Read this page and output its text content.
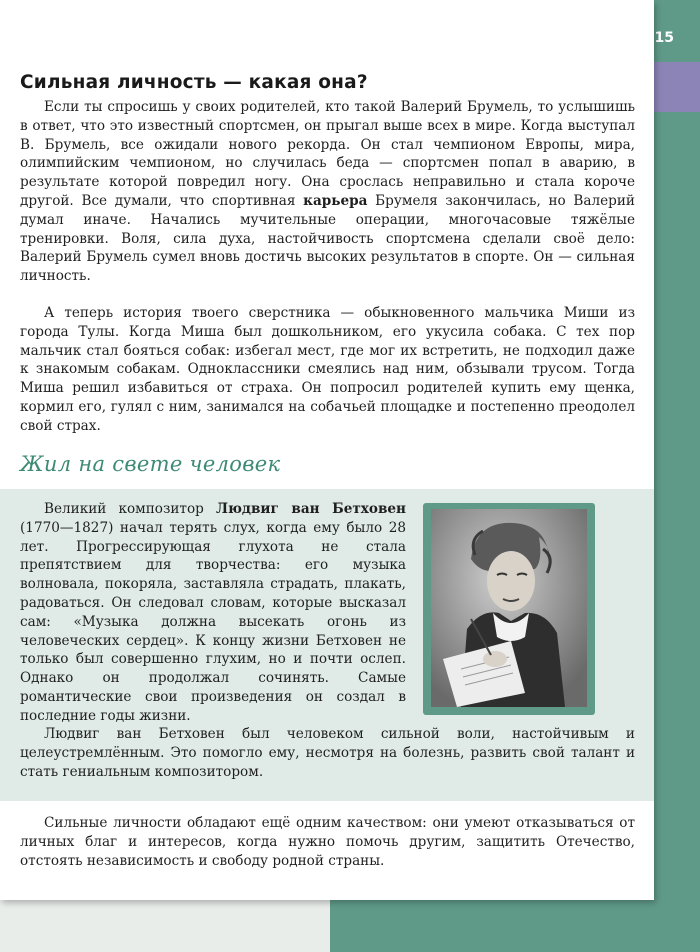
15
Сильная личность — какая она?

Если ты спросишь у своих родителей, кто такой Валерий Брумель, то услышишь в ответ, что это известный спортсмен, он прыгал выше всех в мире. Когда выступал В. Брумель, все ожидали нового рекорда. Он стал чемпионом Европы, мира, олимпийским чемпионом, но случилась беда — спортсмен попал в аварию, в результате которой повредил ногу. Она срослась неправильно и стала короче другой. Все думали, что спортивная карьера Брумеля закончилась, но Валерий думал иначе. Начались мучительные операции, многочасовые тяжёлые тренировки. Воля, сила духа, настойчивость спортсмена сделали своё дело: Валерий Брумель сумел вновь достичь высоких результатов в спорте. Он — сильная личность.

А теперь история твоего сверстника — обыкновенного мальчика Миши из города Тулы. Когда Миша был дошкольником, его укусила собака. С тех пор мальчик стал бояться собак: избегал мест, где мог их встретить, не подходил даже к знакомым собакам. Одноклассники смеялись над ним, обзывали трусом. Тогда Миша решил избавиться от страха. Он попросил родителей купить ему щенка, кормил его, гулял с ним, занимался на собачьей площадке и постепенно преодолел свой страх.

Жил на свете человек

Великий композитор Людвиг ван Бетховен (1770—1827) начал терять слух, когда ему было 28 лет. Прогрессирующая глухота не стала препятствием для творчества: его музыка волновала, покоряла, заставляла страдать, плакать, радоваться. Он следовал словам, которые высказал сам: «Музыка должна высекать огонь из человеческих сердец». К концу жизни Бетховен не только был совершенно глухим, но и почти ослеп. Однако он продолжал сочинять. Самые романтические свои произведения он создал в последние годы жизни.

Людвиг ван Бетховен был человеком сильной воли, настойчивым и целеустремлённым. Это помогло ему, несмотря на болезнь, развить свой талант и стать гениальным композитором.

Сильные личности обладают ещё одним качеством: они умеют отказываться от личных благ и интересов, когда нужно помочь другим, защитить Отечество, отстоять независимость и свободу родной страны.
